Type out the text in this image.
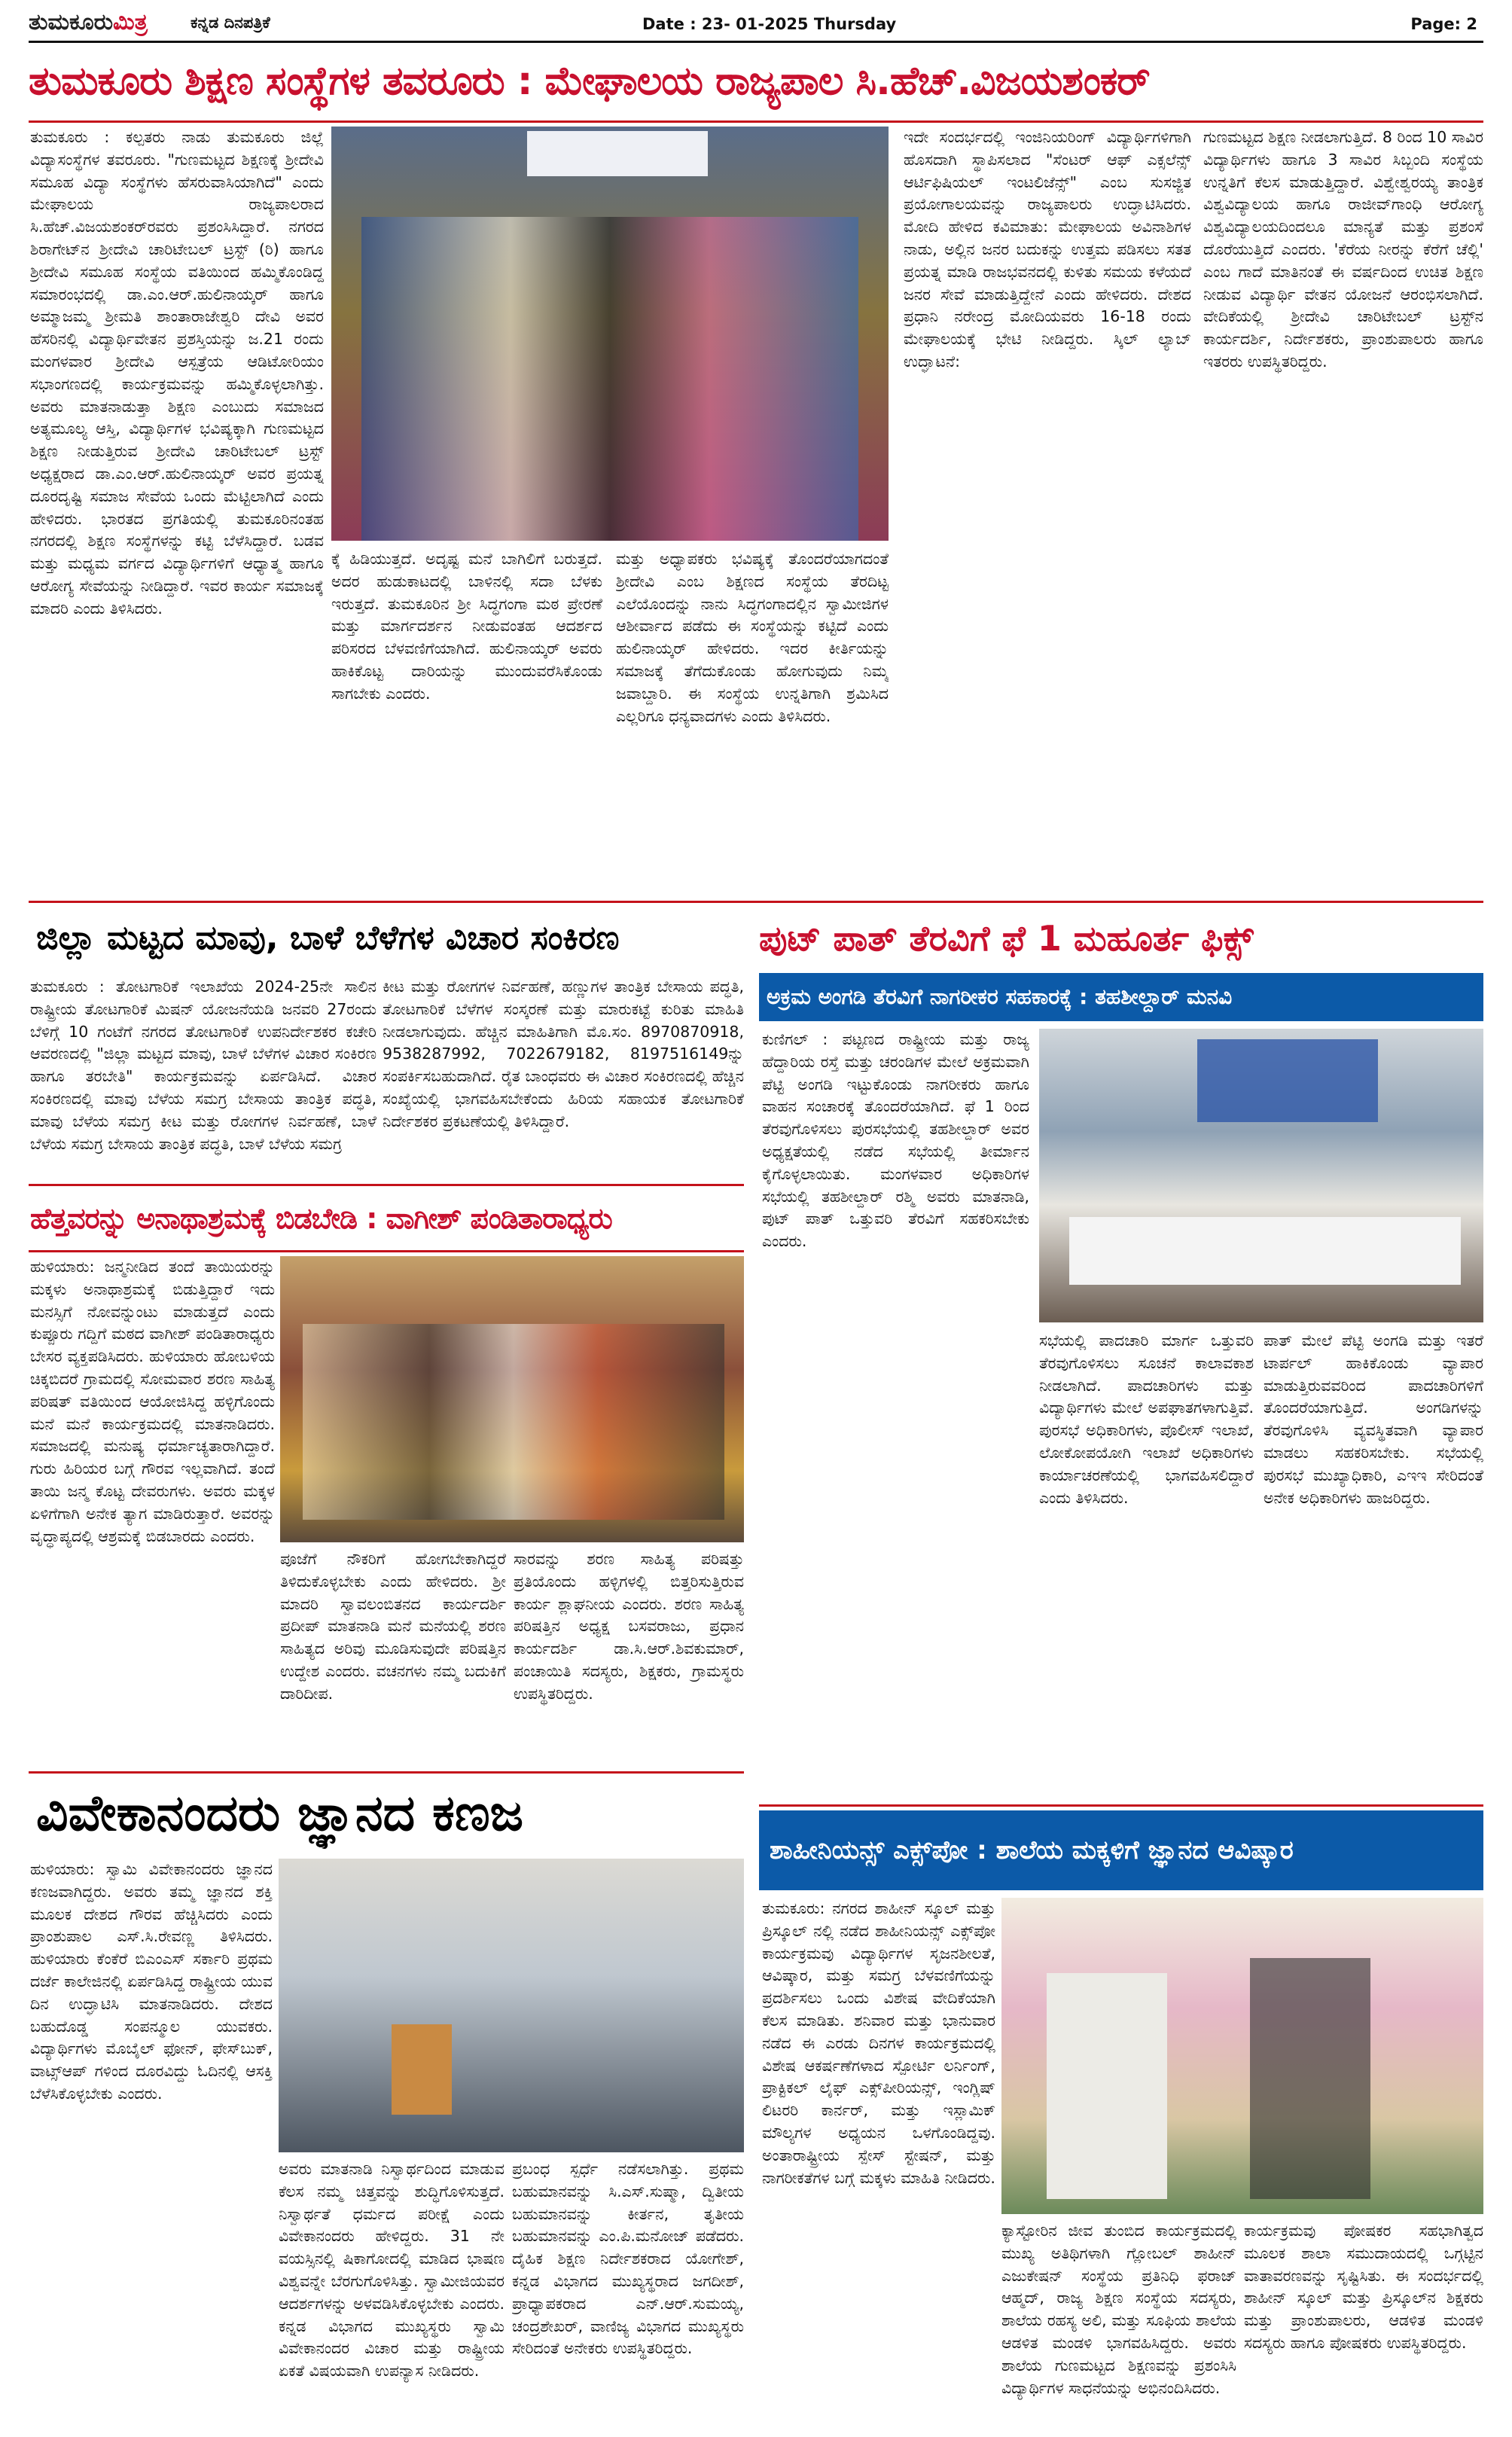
ತುಮಕೂರುಮಿತ್ರ	ಕನ್ನಡ ದಿನಪತ್ರಿಕೆ	Date : 23- 01-2025 Thursday	Page: 2
ತುಮಕೂರು ಶಿಕ್ಷಣ ಸಂಸ್ಥೆಗಳ ತವರೂರು : ಮೇಘಾಲಯ ರಾಜ್ಯಪಾಲ ಸಿ.ಹೆಚ್.ವಿಜಯಶಂಕರ್
ತುಮಕೂರು : ಕಲ್ಪತರು ನಾಡು ತುಮಕೂರು ಜಿಲ್ಲೆ ವಿದ್ಯಾಸಂಸ್ಥೆಗಳ ತವರೂರು. "ಗುಣಮಟ್ಟದ ಶಿಕ್ಷಣಕ್ಕೆ ಶ್ರೀದೇವಿ ಸಮೂಹ ವಿದ್ಯಾ ಸಂಸ್ಥೆಗಳು ಹೆಸರುವಾಸಿಯಾಗಿದೆ" ಎಂದು ಮೇಘಾಲಯ ರಾಜ್ಯಪಾಲರಾದ ಸಿ.ಹೆಚ್.ವಿಜಯಶಂಕರ್‌ರವರು ಪ್ರಶಂಸಿಸಿದ್ದಾರೆ. ನಗರದ ಶಿರಾಗೇಟ್‌ನ ಶ್ರೀದೇವಿ ಚಾರಿಟೇಬಲ್ ಟ್ರಸ್ಟ್ (ರಿ) ಹಾಗೂ ಶ್ರೀದೇವಿ ಸಮೂಹ ಸಂಸ್ಥೆಯ ವತಿಯಿಂದ ಹಮ್ಮಿಕೊಂಡಿದ್ದ ಸಮಾರಂಭದಲ್ಲಿ ಡಾ.ಎಂ.ಆರ್.ಹುಲಿನಾಯ್ಕರ್ ಹಾಗೂ ಅಮ್ಮಾಜಮ್ಮ ಶ್ರೀಮತಿ ಶಾಂತಾರಾಜೇಶ್ವರಿ ದೇವಿ ಅವರ ಹೆಸರಿನಲ್ಲಿ ವಿದ್ಯಾರ್ಥಿವೇತನ ಪ್ರಶಸ್ತಿಯನ್ನು ಜ.21 ರಂದು ಮಂಗಳವಾರ ಶ್ರೀದೇವಿ ಆಸ್ಪತ್ರೆಯ ಆಡಿಟೋರಿಯಂ ಸಭಾಂಗಣದಲ್ಲಿ ಕಾರ್ಯಕ್ರಮವನ್ನು ಹಮ್ಮಿಕೊಳ್ಳಲಾಗಿತ್ತು. ಅವರು ಮಾತನಾಡುತ್ತಾ ಶಿಕ್ಷಣ ಎಂಬುದು ಸಮಾಜದ ಅತ್ಯಮೂಲ್ಯ ಆಸ್ತಿ, ವಿದ್ಯಾರ್ಥಿಗಳ ಭವಿಷ್ಯಕ್ಕಾಗಿ ಗುಣಮಟ್ಟದ ಶಿಕ್ಷಣ ನೀಡುತ್ತಿರುವ ಶ್ರೀದೇವಿ ಚಾರಿಟೇಬಲ್ ಟ್ರಸ್ಟ್ ಅಧ್ಯಕ್ಷರಾದ ಡಾ.ಎಂ.ಆರ್.ಹುಲಿನಾಯ್ಕರ್ ಅವರ ಪ್ರಯತ್ನ ದೂರದೃಷ್ಟಿ ಸಮಾಜ ಸೇವೆಯ ಒಂದು ಮೆಟ್ಟಿಲಾಗಿದೆ ಎಂದು ಹೇಳಿದರು. ಭಾರತದ ಪ್ರಗತಿಯಲ್ಲಿ ತುಮಕೂರಿನಂತಹ ನಗರದಲ್ಲಿ ಶಿಕ್ಷಣ ಸಂಸ್ಥೆಗಳನ್ನು ಕಟ್ಟಿ ಬೆಳೆಸಿದ್ದಾರೆ. ಬಡವ ಮತ್ತು ಮಧ್ಯಮ ವರ್ಗದ ವಿದ್ಯಾರ್ಥಿಗಳಿಗೆ ಆಧ್ಯಾತ್ಮ ಹಾಗೂ ಆರೋಗ್ಯ ಸೇವೆಯನ್ನು ನೀಡಿದ್ದಾರೆ. ಇವರ ಕಾರ್ಯ ಸಮಾಜಕ್ಕೆ ಮಾದರಿ ಎಂದು ತಿಳಿಸಿದರು.
ಕ್ಕೆ ಹಿಡಿಯುತ್ತದೆ. ಅದೃಷ್ಟ ಮನೆ ಬಾಗಿಲಿಗೆ ಬರುತ್ತದೆ. ಅದರ ಹುಡುಕಾಟದಲ್ಲಿ ಬಾಳಿನಲ್ಲಿ ಸದಾ ಬೆಳಕು ಇರುತ್ತದೆ. ತುಮಕೂರಿನ ಶ್ರೀ ಸಿದ್ಧಗಂಗಾ ಮಠ ಪ್ರೇರಣೆ ಮತ್ತು ಮಾರ್ಗದರ್ಶನ ನೀಡುವಂತಹ ಆದರ್ಶದ ಪರಿಸರದ ಬೆಳವಣಿಗೆಯಾಗಿದೆ. ಹುಲಿನಾಯ್ಕರ್ ಅವರು ಹಾಕಿಕೊಟ್ಟ ದಾರಿಯನ್ನು ಮುಂದುವರೆಸಿಕೊಂಡು ಸಾಗಬೇಕು ಎಂದರು.
ಮತ್ತು ಅಧ್ಯಾಪಕರು ಭವಿಷ್ಯಕ್ಕೆ ತೊಂದರೆಯಾಗದಂತೆ ಶ್ರೀದೇವಿ ಎಂಬ ಶಿಕ್ಷಣದ ಸಂಸ್ಥೆಯ ತೆರದಿಟ್ಟ ಎಲೆಯೊಂದನ್ನು ನಾನು ಸಿದ್ಧಗಂಗಾದಲ್ಲಿನ ಸ್ವಾಮೀಜಿಗಳ ಆಶೀರ್ವಾದ ಪಡೆದು ಈ ಸಂಸ್ಥೆಯನ್ನು ಕಟ್ಟಿದೆ ಎಂದು ಹುಲಿನಾಯ್ಕರ್ ಹೇಳಿದರು. ಇದರ ಕೀರ್ತಿಯನ್ನು ಸಮಾಜಕ್ಕೆ ತೆಗೆದುಕೊಂಡು ಹೋಗುವುದು ನಿಮ್ಮ ಜವಾಬ್ದಾರಿ. ಈ ಸಂಸ್ಥೆಯ ಉನ್ನತಿಗಾಗಿ ಶ್ರಮಿಸಿದ ಎಲ್ಲರಿಗೂ ಧನ್ಯವಾದಗಳು ಎಂದು ತಿಳಿಸಿದರು.
ಇದೇ ಸಂದರ್ಭದಲ್ಲಿ ಇಂಜಿನಿಯರಿಂಗ್ ವಿದ್ಯಾರ್ಥಿಗಳಿಗಾಗಿ ಹೊಸದಾಗಿ ಸ್ಥಾಪಿಸಲಾದ "ಸೆಂಟರ್ ಆಫ್ ಎಕ್ಸಲೆನ್ಸ್ ಆರ್ಟಿಫಿಷಿಯಲ್ ಇಂಟಲಿಜೆನ್ಸ್" ಎಂಬ ಸುಸಜ್ಜಿತ ಪ್ರಯೋಗಾಲಯವನ್ನು ರಾಜ್ಯಪಾಲರು ಉದ್ಘಾಟಿಸಿದರು. ಮೋದಿ ಹೇಳಿದ ಕವಿಮಾತು: ಮೇಘಾಲಯ ಅವಿನಾಶಿಗಳ ನಾಡು, ಅಲ್ಲಿನ ಜನರ ಬದುಕನ್ನು ಉತ್ತಮ ಪಡಿಸಲು ಸತತ ಪ್ರಯತ್ನ ಮಾಡಿ ರಾಜಭವನದಲ್ಲಿ ಕುಳಿತು ಸಮಯ ಕಳೆಯದೆ ಜನರ ಸೇವೆ ಮಾಡುತ್ತಿದ್ದೇನೆ ಎಂದು ಹೇಳಿದರು. ದೇಶದ ಪ್ರಧಾನಿ ನರೇಂದ್ರ ಮೋದಿಯವರು 16-18 ರಂದು ಮೇಘಾಲಯಕ್ಕೆ ಭೇಟಿ ನೀಡಿದ್ದರು. ಸ್ಕಿಲ್ ಲ್ಯಾಬ್ ಉದ್ಘಾಟನೆ:
ಗುಣಮಟ್ಟದ ಶಿಕ್ಷಣ ನೀಡಲಾಗುತ್ತಿದೆ. 8 ರಿಂದ 10 ಸಾವಿರ ವಿದ್ಯಾರ್ಥಿಗಳು ಹಾಗೂ 3 ಸಾವಿರ ಸಿಬ್ಬಂದಿ ಸಂಸ್ಥೆಯ ಉನ್ನತಿಗೆ ಕೆಲಸ ಮಾಡುತ್ತಿದ್ದಾರೆ. ವಿಶ್ವೇಶ್ವರಯ್ಯ ತಾಂತ್ರಿಕ ವಿಶ್ವವಿದ್ಯಾಲಯ ಹಾಗೂ ರಾಜೀವ್‌ಗಾಂಧಿ ಆರೋಗ್ಯ ವಿಶ್ವವಿದ್ಯಾಲಯದಿಂದಲೂ ಮಾನ್ಯತೆ ಮತ್ತು ಪ್ರಶಂಸೆ ದೊರೆಯುತ್ತಿದೆ ಎಂದರು. 'ಕೆರೆಯ ನೀರನ್ನು ಕೆರೆಗೆ ಚೆಲ್ಲಿ' ಎಂಬ ಗಾದೆ ಮಾತಿನಂತೆ ಈ ವರ್ಷದಿಂದ ಉಚಿತ ಶಿಕ್ಷಣ ನೀಡುವ ವಿದ್ಯಾರ್ಥಿ ವೇತನ ಯೋಜನೆ ಆರಂಭಿಸಲಾಗಿದೆ. ವೇದಿಕೆಯಲ್ಲಿ ಶ್ರೀದೇವಿ ಚಾರಿಟೇಬಲ್ ಟ್ರಸ್ಟ್‌ನ ಕಾರ್ಯದರ್ಶಿ, ನಿರ್ದೇಶಕರು, ಪ್ರಾಂಶುಪಾಲರು ಹಾಗೂ ಇತರರು ಉಪಸ್ಥಿತರಿದ್ದರು.
ಜಿಲ್ಲಾ ಮಟ್ಟದ ಮಾವು, ಬಾಳೆ ಬೆಳೆಗಳ ವಿಚಾರ ಸಂಕಿರಣ
ತುಮಕೂರು : ತೋಟಗಾರಿಕೆ ಇಲಾಖೆಯ 2024-25ನೇ ಸಾಲಿನ ರಾಷ್ಟ್ರೀಯ ತೋಟಗಾರಿಕೆ ಮಿಷನ್ ಯೋಜನೆಯಡಿ ಜನವರಿ 27ರಂದು ಬೆಳಿಗ್ಗೆ 10 ಗಂಟೆಗೆ ನಗರದ ತೋಟಗಾರಿಕೆ ಉಪನಿರ್ದೇಶಕರ ಕಚೇರಿ ಆವರಣದಲ್ಲಿ "ಜಿಲ್ಲಾ ಮಟ್ಟದ ಮಾವು, ಬಾಳೆ ಬೆಳೆಗಳ ವಿಚಾರ ಸಂಕಿರಣ ಹಾಗೂ ತರಬೇತಿ" ಕಾರ್ಯಕ್ರಮವನ್ನು ಏರ್ಪಡಿಸಿದೆ. ವಿಚಾರ ಸಂಕಿರಣದಲ್ಲಿ ಮಾವು ಬೆಳೆಯ ಸಮಗ್ರ ಬೇಸಾಯ ತಾಂತ್ರಿಕ ಪದ್ಧತಿ, ಮಾವು ಬೆಳೆಯ ಸಮಗ್ರ ಕೀಟ ಮತ್ತು ರೋಗಗಳ ನಿರ್ವಹಣೆ, ಬಾಳೆ ಬೆಳೆಯ ಸಮಗ್ರ ಬೇಸಾಯ ತಾಂತ್ರಿಕ ಪದ್ಧತಿ, ಬಾಳೆ ಬೆಳೆಯ ಸಮಗ್ರ
ಕೀಟ ಮತ್ತು ರೋಗಗಳ ನಿರ್ವಹಣೆ, ಹಣ್ಣುಗಳ ತಾಂತ್ರಿಕ ಬೇಸಾಯ ಪದ್ಧತಿ, ತೋಟಗಾರಿಕೆ ಬೆಳೆಗಳ ಸಂಸ್ಕರಣೆ ಮತ್ತು ಮಾರುಕಟ್ಟೆ ಕುರಿತು ಮಾಹಿತಿ ನೀಡಲಾಗುವುದು. ಹೆಚ್ಚಿನ ಮಾಹಿತಿಗಾಗಿ ಮೊ.ಸಂ. 8970870918, 9538287992, 7022679182, 8197516149ನ್ನು ಸಂಪರ್ಕಿಸಬಹುದಾಗಿದೆ. ರೈತ ಬಾಂಧವರು ಈ ವಿಚಾರ ಸಂಕಿರಣದಲ್ಲಿ ಹೆಚ್ಚಿನ ಸಂಖ್ಯೆಯಲ್ಲಿ ಭಾಗವಹಿಸಬೇಕೆಂದು ಹಿರಿಯ ಸಹಾಯಕ ತೋಟಗಾರಿಕೆ ನಿರ್ದೇಶಕರ ಪ್ರಕಟಣೆಯಲ್ಲಿ ತಿಳಿಸಿದ್ದಾರೆ.
ಹೆತ್ತವರನ್ನು ಅನಾಥಾಶ್ರಮಕ್ಕೆ ಬಿಡಬೇಡಿ : ವಾಗೀಶ್ ಪಂಡಿತಾರಾಧ್ಯರು
ಹುಳಿಯಾರು: ಜನ್ಮನೀಡಿದ ತಂದೆ ತಾಯಿಯರನ್ನು ಮಕ್ಕಳು ಅನಾಥಾಶ್ರಮಕ್ಕೆ ಬಿಡುತ್ತಿದ್ದಾರೆ ಇದು ಮನಸ್ಸಿಗೆ ನೋವನ್ನುಂಟು ಮಾಡುತ್ತದೆ ಎಂದು ಕುಪ್ಪೂರು ಗದ್ದಿಗೆ ಮಠದ ವಾಗೀಶ್ ಪಂಡಿತಾರಾಧ್ಯರು ಬೇಸರ ವ್ಯಕ್ತಪಡಿಸಿದರು. ಹುಳಿಯಾರು ಹೋಬಳಿಯ ಚಿಕ್ಕಬಿದರೆ ಗ್ರಾಮದಲ್ಲಿ ಸೋಮವಾರ ಶರಣ ಸಾಹಿತ್ಯ ಪರಿಷತ್ ವತಿಯಿಂದ ಆಯೋಜಿಸಿದ್ದ ಹಳ್ಳಿಗೊಂದು ಮನೆ ಮನೆ ಕಾರ್ಯಕ್ರಮದಲ್ಲಿ ಮಾತನಾಡಿದರು. ಸಮಾಜದಲ್ಲಿ ಮನುಷ್ಯ ಧರ್ಮಾಚ್ಯತಾರಾಗಿದ್ದಾರೆ. ಗುರು ಹಿರಿಯರ ಬಗ್ಗೆ ಗೌರವ ಇಲ್ಲವಾಗಿದೆ. ತಂದೆ ತಾಯಿ ಜನ್ಮ ಕೊಟ್ಟ ದೇವರುಗಳು. ಅವರು ಮಕ್ಕಳ ಏಳಿಗೆಗಾಗಿ ಅನೇಕ ತ್ಯಾಗ ಮಾಡಿರುತ್ತಾರೆ. ಅವರನ್ನು ವೃದ್ಧಾಪ್ಯದಲ್ಲಿ ಆಶ್ರಮಕ್ಕೆ ಬಿಡಬಾರದು ಎಂದರು.
ಪೂಜೆಗೆ ನೌಕರಿಗೆ ಹೋಗಬೇಕಾಗಿದ್ದರೆ ತಿಳಿದುಕೊಳ್ಳಬೇಕು ಎಂದು ಹೇಳಿದರು. ಶ್ರೀ ಮಾದರಿ ಸ್ವಾವಲಂಬಿತನದ ಕಾರ್ಯದರ್ಶಿ ಪ್ರದೀಪ್ ಮಾತನಾಡಿ ಮನೆ ಮನೆಯಲ್ಲಿ ಶರಣ ಸಾಹಿತ್ಯದ ಅರಿವು ಮೂಡಿಸುವುದೇ ಪರಿಷತ್ತಿನ ಉದ್ದೇಶ ಎಂದರು. ವಚನಗಳು ನಮ್ಮ ಬದುಕಿಗೆ ದಾರಿದೀಪ.
ಸಾರವನ್ನು ಶರಣ ಸಾಹಿತ್ಯ ಪರಿಷತ್ತು ಪ್ರತಿಯೊಂದು ಹಳ್ಳಿಗಳಲ್ಲಿ ಬಿತ್ತರಿಸುತ್ತಿರುವ ಕಾರ್ಯ ಶ್ಲಾಘನೀಯ ಎಂದರು. ಶರಣ ಸಾಹಿತ್ಯ ಪರಿಷತ್ತಿನ ಅಧ್ಯಕ್ಷ ಬಸವರಾಜು, ಪ್ರಧಾನ ಕಾರ್ಯದರ್ಶಿ ಡಾ.ಸಿ.ಆರ್.ಶಿವಕುಮಾರ್, ಪಂಚಾಯಿತಿ ಸದಸ್ಯರು, ಶಿಕ್ಷಕರು, ಗ್ರಾಮಸ್ಥರು ಉಪಸ್ಥಿತರಿದ್ದರು.
ಪುಟ್ ಪಾತ್ ತೆರವಿಗೆ ಫೆ 1 ಮಹೂರ್ತ ಫಿಕ್ಸ್
ಅಕ್ರಮ ಅಂಗಡಿ ತೆರವಿಗೆ ನಾಗರೀಕರ ಸಹಕಾರಕ್ಕೆ : ತಹಶೀಲ್ದಾರ್ ಮನವಿ
ಕುಣಿಗಲ್ : ಪಟ್ಟಣದ ರಾಷ್ಟ್ರೀಯ ಮತ್ತು ರಾಜ್ಯ ಹೆದ್ದಾರಿಯ ರಸ್ತೆ ಮತ್ತು ಚರಂಡಿಗಳ ಮೇಲೆ ಅಕ್ರಮವಾಗಿ ಪೆಟ್ಟಿ ಅಂಗಡಿ ಇಟ್ಟುಕೊಂಡು ನಾಗರೀಕರು ಹಾಗೂ ವಾಹನ ಸಂಚಾರಕ್ಕೆ ತೊಂದರೆಯಾಗಿದೆ. ಫೆ 1 ರಿಂದ ತೆರವುಗೊಳಿಸಲು ಪುರಸಭೆಯಲ್ಲಿ ತಹಶೀಲ್ದಾರ್ ಅವರ ಅಧ್ಯಕ್ಷತೆಯಲ್ಲಿ ನಡೆದ ಸಭೆಯಲ್ಲಿ ತೀರ್ಮಾನ ಕೈಗೊಳ್ಳಲಾಯಿತು. ಮಂಗಳವಾರ ಅಧಿಕಾರಿಗಳ ಸಭೆಯಲ್ಲಿ ತಹಶೀಲ್ದಾರ್ ರಶ್ಮಿ ಅವರು ಮಾತನಾಡಿ, ಪುಟ್ ಪಾತ್ ಒತ್ತುವರಿ ತೆರವಿಗೆ ಸಹಕರಿಸಬೇಕು ಎಂದರು.
ಸಭೆಯಲ್ಲಿ ಪಾದಚಾರಿ ಮಾರ್ಗ ಒತ್ತುವರಿ ತೆರವುಗೊಳಿಸಲು ಸೂಚನೆ ಕಾಲಾವಕಾಶ ನೀಡಲಾಗಿದೆ. ಪಾದಚಾರಿಗಳು ಮತ್ತು ವಿದ್ಯಾರ್ಥಿಗಳು ಮೇಲೆ ಅಪಘಾತಗಳಾಗುತ್ತಿವೆ. ಪುರಸಭೆ ಅಧಿಕಾರಿಗಳು, ಪೊಲೀಸ್ ಇಲಾಖೆ, ಲೋಕೋಪಯೋಗಿ ಇಲಾಖೆ ಅಧಿಕಾರಿಗಳು ಕಾರ್ಯಾಚರಣೆಯಲ್ಲಿ ಭಾಗವಹಿಸಲಿದ್ದಾರೆ ಎಂದು ತಿಳಿಸಿದರು.
ಪಾತ್ ಮೇಲೆ ಪೆಟ್ಟಿ ಅಂಗಡಿ ಮತ್ತು ಇತರೆ ಟಾರ್ಪಲ್ ಹಾಕಿಕೊಂಡು ವ್ಯಾಪಾರ ಮಾಡುತ್ತಿರುವವರಿಂದ ಪಾದಚಾರಿಗಳಿಗೆ ತೊಂದರೆಯಾಗುತ್ತಿದೆ. ಅಂಗಡಿಗಳನ್ನು ತೆರವುಗೊಳಿಸಿ ವ್ಯವಸ್ಥಿತವಾಗಿ ವ್ಯಾಪಾರ ಮಾಡಲು ಸಹಕರಿಸಬೇಕು. ಸಭೆಯಲ್ಲಿ ಪುರಸಭೆ ಮುಖ್ಯಾಧಿಕಾರಿ, ಎಇಇ ಸೇರಿದಂತೆ ಅನೇಕ ಅಧಿಕಾರಿಗಳು ಹಾಜರಿದ್ದರು.
ವಿವೇಕಾನಂದರು ಜ್ಞಾನದ ಕಣಜ
ಹುಳಿಯಾರು: ಸ್ವಾಮಿ ವಿವೇಕಾನಂದರು ಜ್ಞಾನದ ಕಣಜವಾಗಿದ್ದರು. ಅವರು ತಮ್ಮ ಜ್ಞಾನದ ಶಕ್ತಿ ಮೂಲಕ ದೇಶದ ಗೌರವ ಹೆಚ್ಚಿಸಿದರು ಎಂದು ಪ್ರಾಂಶುಪಾಲ ಎಸ್.ಸಿ.ರೇವಣ್ಣ ತಿಳಿಸಿದರು. ಹುಳಿಯಾರು ಕೆಂಕೆರೆ ಬಿಎಂಎಸ್ ಸರ್ಕಾರಿ ಪ್ರಥಮ ದರ್ಜೆ ಕಾಲೇಜಿನಲ್ಲಿ ಏರ್ಪಡಿಸಿದ್ದ ರಾಷ್ಟ್ರೀಯ ಯುವ ದಿನ ಉದ್ಘಾಟಿಸಿ ಮಾತನಾಡಿದರು. ದೇಶದ ಬಹುದೊಡ್ಡ ಸಂಪನ್ಮೂಲ ಯುವಕರು. ವಿದ್ಯಾರ್ಥಿಗಳು ಮೊಬೈಲ್ ಫೋನ್, ಫೇಸ್‌ಬುಕ್, ವಾಟ್ಸ್‌ಆಪ್ ಗಳಿಂದ ದೂರವಿದ್ದು ಓದಿನಲ್ಲಿ ಆಸಕ್ತಿ ಬೆಳೆಸಿಕೊಳ್ಳಬೇಕು ಎಂದರು.
ಅವರು ಮಾತನಾಡಿ ನಿಸ್ವಾರ್ಥದಿಂದ ಮಾಡುವ ಕೆಲಸ ನಮ್ಮ ಚಿತ್ತವನ್ನು ಶುದ್ಧಿಗೊಳಿಸುತ್ತದೆ. ನಿಸ್ವಾರ್ಥತೆ ಧರ್ಮದ ಪರೀಕ್ಷೆ ಎಂದು ವಿವೇಕಾನಂದರು ಹೇಳಿದ್ದರು. 31 ನೇ ವಯಸ್ಸಿನಲ್ಲಿ ಷಿಕಾಗೋದಲ್ಲಿ ಮಾಡಿದ ಭಾಷಣ ವಿಶ್ವವನ್ನೇ ಬೆರಗುಗೊಳಿಸಿತ್ತು. ಸ್ವಾಮೀಜಿಯವರ ಆದರ್ಶಗಳನ್ನು ಅಳವಡಿಸಿಕೊಳ್ಳಬೇಕು ಎಂದರು. ಕನ್ನಡ ವಿಭಾಗದ ಮುಖ್ಯಸ್ಥರು ಸ್ವಾಮಿ ವಿವೇಕಾನಂದರ ವಿಚಾರ ಮತ್ತು ರಾಷ್ಟ್ರೀಯ ಏಕತೆ ವಿಷಯವಾಗಿ ಉಪನ್ಯಾಸ ನೀಡಿದರು.
ಪ್ರಬಂಧ ಸ್ಪರ್ಧೆ ನಡೆಸಲಾಗಿತ್ತು. ಪ್ರಥಮ ಬಹುಮಾನವನ್ನು ಸಿ.ಎಸ್.ಸುಷ್ಮಾ, ದ್ವಿತೀಯ ಬಹುಮಾನವನ್ನು ಕೀರ್ತನ, ತೃತೀಯ ಬಹುಮಾನವನ್ನು ಎಂ.ಪಿ.ಮನೋಜ್ ಪಡೆದರು. ದೈಹಿಕ ಶಿಕ್ಷಣ ನಿರ್ದೇಶಕರಾದ ಯೋಗೇಶ್, ಕನ್ನಡ ವಿಭಾಗದ ಮುಖ್ಯಸ್ಥರಾದ ಜಗದೀಶ್, ಪ್ರಾಧ್ಯಾಪಕರಾದ ಎನ್.ಆರ್.ಸುಮಯ್ಯ, ಚಂದ್ರಶೇಖರ್, ವಾಣಿಜ್ಯ ವಿಭಾಗದ ಮುಖ್ಯಸ್ಥರು ಸೇರಿದಂತೆ ಅನೇಕರು ಉಪಸ್ಥಿತರಿದ್ದರು.
ಶಾಹೀನಿಯನ್ಸ್ ಎಕ್ಸ್‌ಪೋ : ಶಾಲೆಯ ಮಕ್ಕಳಿಗೆ ಜ್ಞಾನದ ಆವಿಷ್ಕಾರ
ತುಮಕೂರು: ನಗರದ ಶಾಹೀನ್ ಸ್ಕೂಲ್ ಮತ್ತು ಪ್ರಿಸ್ಕೂಲ್ ನಲ್ಲಿ ನಡೆದ ಶಾಹೀನಿಯನ್ಸ್ ಎಕ್ಸ್‌ಪೋ ಕಾರ್ಯಕ್ರಮವು ವಿದ್ಯಾರ್ಥಿಗಳ ಸೃಜನಶೀಲತೆ, ಆವಿಷ್ಕಾರ, ಮತ್ತು ಸಮಗ್ರ ಬೆಳವಣಿಗೆಯನ್ನು ಪ್ರದರ್ಶಿಸಲು ಒಂದು ವಿಶೇಷ ವೇದಿಕೆಯಾಗಿ ಕೆಲಸ ಮಾಡಿತು. ಶನಿವಾರ ಮತ್ತು ಭಾನುವಾರ ನಡೆದ ಈ ಎರಡು ದಿನಗಳ ಕಾರ್ಯಕ್ರಮದಲ್ಲಿ ವಿಶೇಷ ಆಕರ್ಷಣೆಗಳಾದ ಸ್ಪೋರ್ಟಿ ಲರ್ನಿಂಗ್, ಪ್ರಾಕ್ಟಿಕಲ್ ಲೈಫ್ ಎಕ್ಸ್‌ಪೀರಿಯನ್ಸ್, ಇಂಗ್ಲಿಷ್ ಲಿಟರರಿ ಕಾರ್ನರ್, ಮತ್ತು ಇಸ್ಲಾಮಿಕ್ ಮೌಲ್ಯಗಳ ಅಧ್ಯಯನ ಒಳಗೊಂಡಿದ್ದವು. ಅಂತಾರಾಷ್ಟ್ರೀಯ ಸ್ಪೇಸ್ ಸ್ಟೇಷನ್, ಮತ್ತು ನಾಗರೀಕತೆಗಳ ಬಗ್ಗೆ ಮಕ್ಕಳು ಮಾಹಿತಿ ನೀಡಿದರು.
ಕ್ಯಾಸ್ಟೋರಿನ ಜೀವ ತುಂಬಿದ ಕಾರ್ಯಕ್ರಮದಲ್ಲಿ ಮುಖ್ಯ ಅತಿಥಿಗಳಾಗಿ ಗ್ಲೋಬಲ್ ಶಾಹೀನ್ ಎಜುಕೇಷನ್ ಸಂಸ್ಥೆಯ ಪ್ರತಿನಿಧಿ ಫರಾಜ್ ಆಹ್ಮದ್, ರಾಜ್ಯ ಶಿಕ್ಷಣ ಸಂಸ್ಥೆಯ ಸದಸ್ಯರು, ಶಾಲೆಯ ರಹಸ್ಯ ಅಲಿ, ಮತ್ತು ಸೂಫಿಯ ಶಾಲೆಯ ಆಡಳಿತ ಮಂಡಳಿ ಭಾಗವಹಿಸಿದ್ದರು. ಅವರು ಶಾಲೆಯ ಗುಣಮಟ್ಟದ ಶಿಕ್ಷಣವನ್ನು ಪ್ರಶಂಸಿಸಿ ವಿದ್ಯಾರ್ಥಿಗಳ ಸಾಧನೆಯನ್ನು ಅಭಿನಂದಿಸಿದರು.
ಕಾರ್ಯಕ್ರಮವು ಪೋಷಕರ ಸಹಭಾಗಿತ್ವದ ಮೂಲಕ ಶಾಲಾ ಸಮುದಾಯದಲ್ಲಿ ಒಗ್ಗಟ್ಟಿನ ವಾತಾವರಣವನ್ನು ಸೃಷ್ಟಿಸಿತು. ಈ ಸಂದರ್ಭದಲ್ಲಿ ಶಾಹೀನ್ ಸ್ಕೂಲ್ ಮತ್ತು ಪ್ರಿಸ್ಕೂಲ್‌ನ ಶಿಕ್ಷಕರು ಮತ್ತು ಪ್ರಾಂಶುಪಾಲರು, ಆಡಳಿತ ಮಂಡಳಿ ಸದಸ್ಯರು ಹಾಗೂ ಪೋಷಕರು ಉಪಸ್ಥಿತರಿದ್ದರು.
